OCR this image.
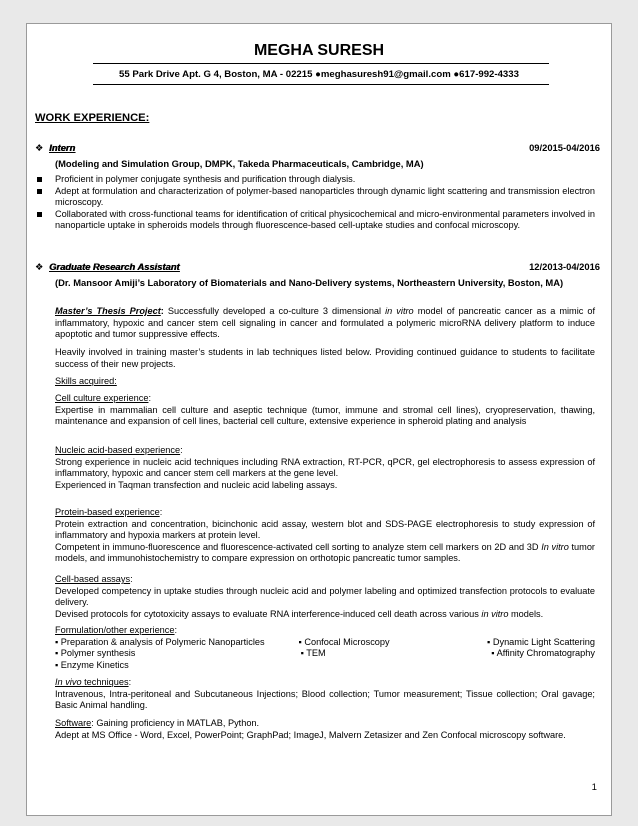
MEGHA SURESH
55 Park Drive Apt. G 4, Boston, MA - 02215 ●meghasuresh91@gmail.com ●617-992-4333
WORK EXPERIENCE:
❖ Intern	09/2015-04/2016
(Modeling and Simulation Group, DMPK, Takeda Pharmaceuticals, Cambridge, MA)
Proficient in polymer conjugate synthesis and purification through dialysis.
Adept at formulation and characterization of polymer-based nanoparticles through dynamic light scattering and transmission electron microscopy.
Collaborated with cross-functional teams for identification of critical physicochemical and micro-environmental parameters involved in nanoparticle uptake in spheroids models through fluorescence-based cell-uptake studies and confocal microscopy.
❖ Graduate Research Assistant	12/2013-04/2016
(Dr. Mansoor Amiji’s Laboratory of Biomaterials and Nano-Delivery systems, Northeastern University, Boston, MA)
Master’s Thesis Project: Successfully developed a co-culture 3 dimensional in vitro model of pancreatic cancer as a mimic of inflammatory, hypoxic and cancer stem cell signaling in cancer and formulated a polymeric microRNA delivery platform to induce apoptotic and tumor suppressive effects.
Heavily involved in training master’s students in lab techniques listed below. Providing continued guidance to students to facilitate success of their new projects.
Skills acquired:
Cell culture experience:
Expertise in mammalian cell culture and aseptic technique (tumor, immune and stromal cell lines), cryopreservation, thawing, maintenance and expansion of cell lines, bacterial cell culture, extensive experience in spheroid plating and analysis
Nucleic acid-based experience:
Strong experience in nucleic acid techniques including RNA extraction, RT-PCR, qPCR, gel electrophoresis to assess expression of inflammatory, hypoxic and cancer stem cell markers at the gene level.
Experienced in Taqman transfection and nucleic acid labeling assays.
Protein-based experience:
Protein extraction and concentration, bicinchonic acid assay, western blot and SDS-PAGE electrophoresis to study expression of inflammatory and hypoxia markers at protein level.
Competent in immuno-fluorescence and fluorescence-activated cell sorting to analyze stem cell markers on 2D and 3D In vitro tumor models, and immunohistochemistry to compare expression on orthotopic pancreatic tumor samples.
Cell-based assays:
Developed competency in uptake studies through nucleic acid and polymer labeling and optimized transfection protocols to evaluate delivery.
Devised protocols for cytotoxicity assays to evaluate RNA interference-induced cell death across various in vitro models.
Formulation/other experience:
▪ Preparation & analysis of Polymeric Nanoparticles	▪ Confocal Microscopy	▪ Dynamic Light Scattering
▪ Polymer synthesis	▪ TEM	▪ Affinity Chromatography
▪ Enzyme Kinetics
In vivo techniques:
Intravenous, Intra-peritoneal and Subcutaneous Injections; Blood collection; Tumor measurement; Tissue collection; Oral gavage; Basic Animal handling.
Software: Gaining proficiency in MATLAB, Python.
Adept at MS Office - Word, Excel, PowerPoint; GraphPad; ImageJ, Malvern Zetasizer and Zen Confocal microscopy software.
1
